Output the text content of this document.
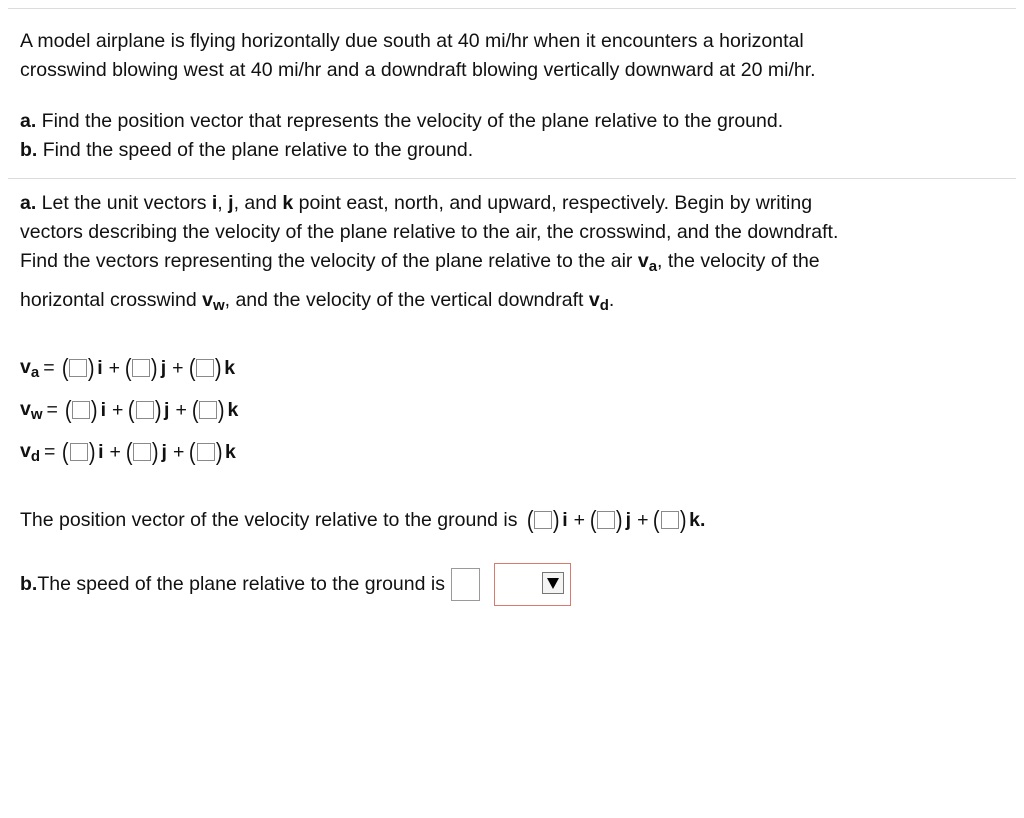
A model airplane is flying horizontally due south at 40 mi/hr when it encounters a horizontal
crosswind blowing west at 40 mi/hr and a downdraft blowing vertically downward at 20 mi/hr.

a. Find the position vector that represents the velocity of the plane relative to the ground.
b. Find the speed of the plane relative to the ground.

a. Let the unit vectors i, j, and k point east, north, and upward, respectively. Begin by writing
vectors describing the velocity of the plane relative to the air, the crosswind, and the downdraft.
Find the vectors representing the velocity of the plane relative to the air $v_a$, the velocity of the
horizontal crosswind $v_w$, and the velocity of the vertical downdraft $v_d$.

$v_a$ = ( ) i + ( ) j + ( ) k
$v_w$ = ( ) i + ( ) j + ( ) k
$v_d$ = ( ) i + ( ) j + ( ) k
The position vector of the velocity relative to the ground is ( ) i + ( ) j + ( ) k.
b. The speed of the plane relative to the ground is
